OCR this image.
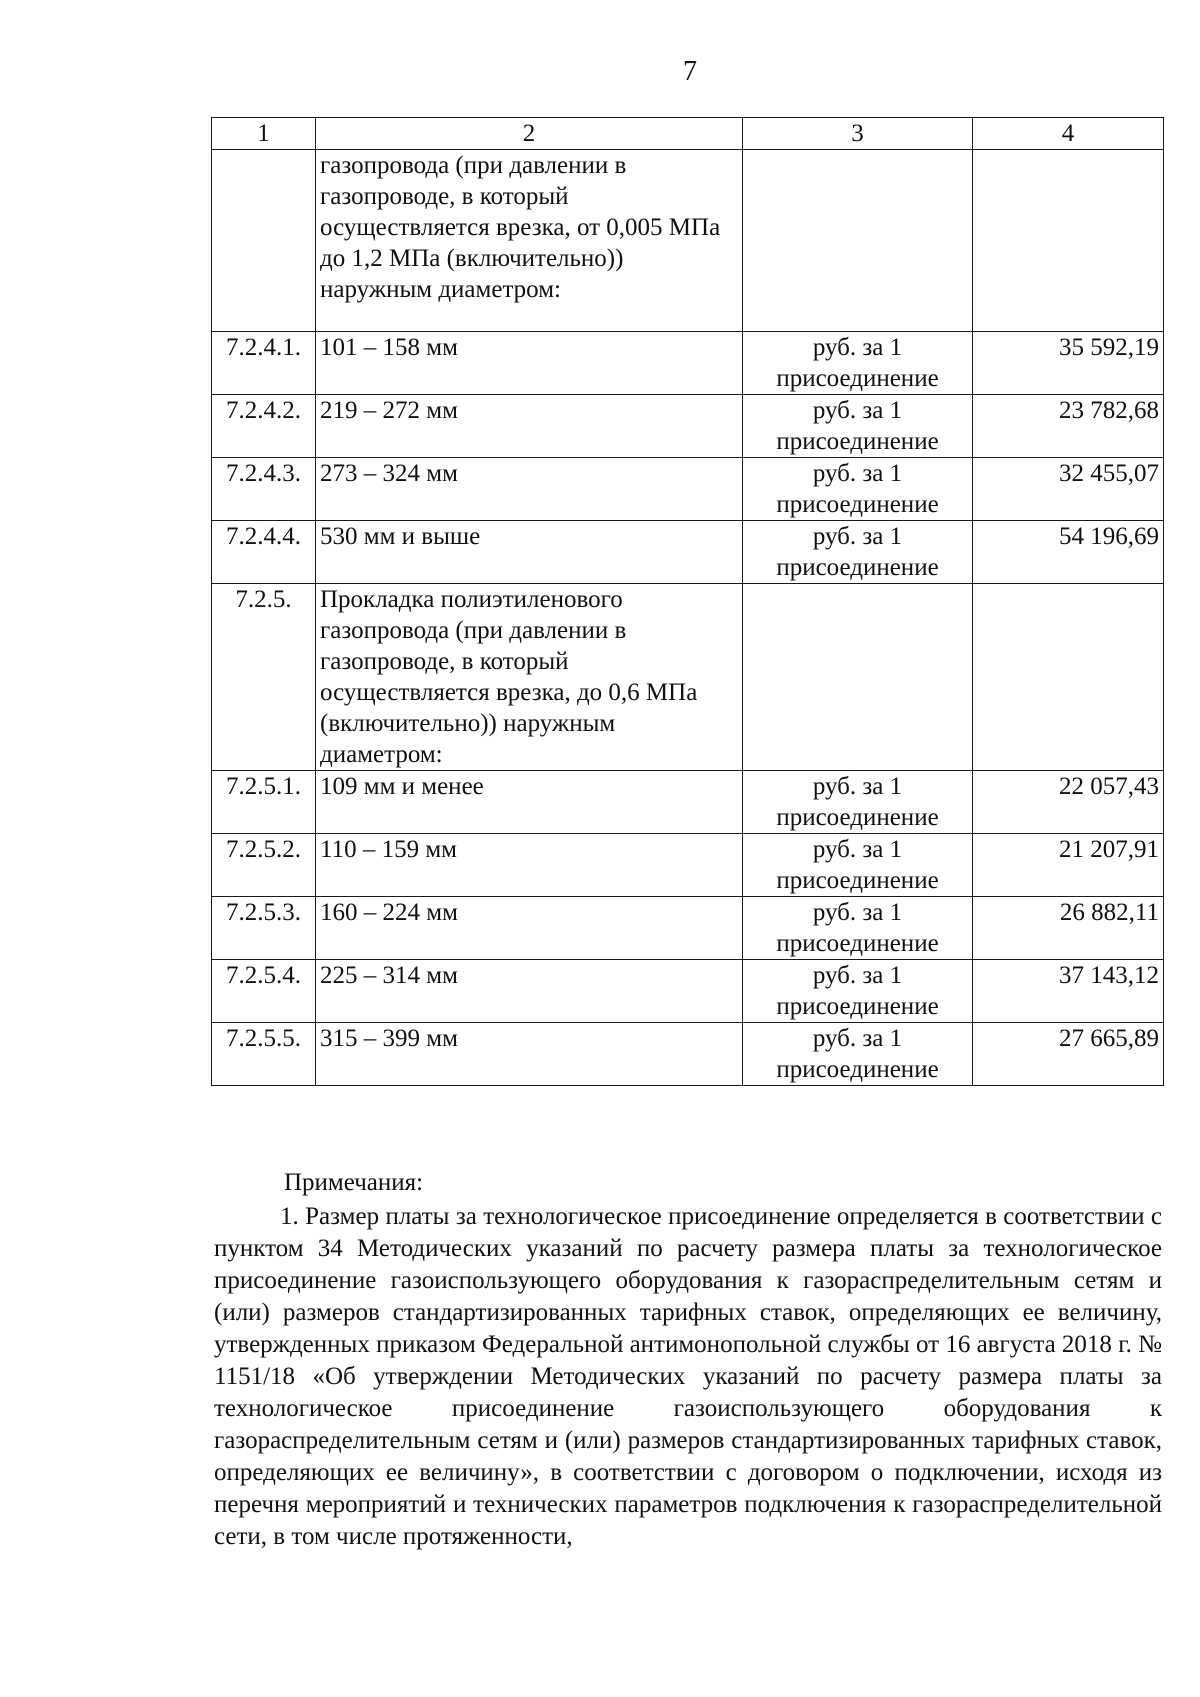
7
1	2	3	4
	газопровода (при давлении в газопроводе, в который осуществляется врезка, от 0,005 МПа до 1,2 МПа (включительно)) наружным диаметром:		
7.2.4.1.	101 – 158 мм	руб. за 1 присоединение	35 592,19
7.2.4.2.	219 – 272 мм	руб. за 1 присоединение	23 782,68
7.2.4.3.	273 – 324 мм	руб. за 1 присоединение	32 455,07
7.2.4.4.	530 мм и выше	руб. за 1 присоединение	54 196,69
7.2.5.	Прокладка полиэтиленового газопровода (при давлении в газопроводе, в который осуществляется врезка, до 0,6 МПа (включительно)) наружным диаметром:		
7.2.5.1.	109 мм и менее	руб. за 1 присоединение	22 057,43
7.2.5.2.	110 – 159 мм	руб. за 1 присоединение	21 207,91
7.2.5.3.	160 – 224 мм	руб. за 1 присоединение	26 882,11
7.2.5.4.	225 – 314 мм	руб. за 1 присоединение	37 143,12
7.2.5.5.	315 – 399 мм	руб. за 1 присоединение	27 665,89

Примечания:

1. Размер платы за технологическое присоединение определяется в соответствии с пунктом 34 Методических указаний по расчету размера платы за технологическое присоединение газоиспользующего оборудования к газораспределительным сетям и (или) размеров стандартизированных тарифных ставок, определяющих ее величину, утвержденных приказом Федеральной антимонопольной службы от 16 августа 2018 г. № 1151/18 «Об утверждении Методических указаний по расчету размера платы за технологическое присоединение газоиспользующего оборудования к газораспределительным сетям и (или) размеров стандартизированных тарифных ставок, определяющих ее величину», в соответствии с договором о подключении, исходя из перечня мероприятий и технических параметров подключения к газораспределительной сети, в том числе протяженности,
